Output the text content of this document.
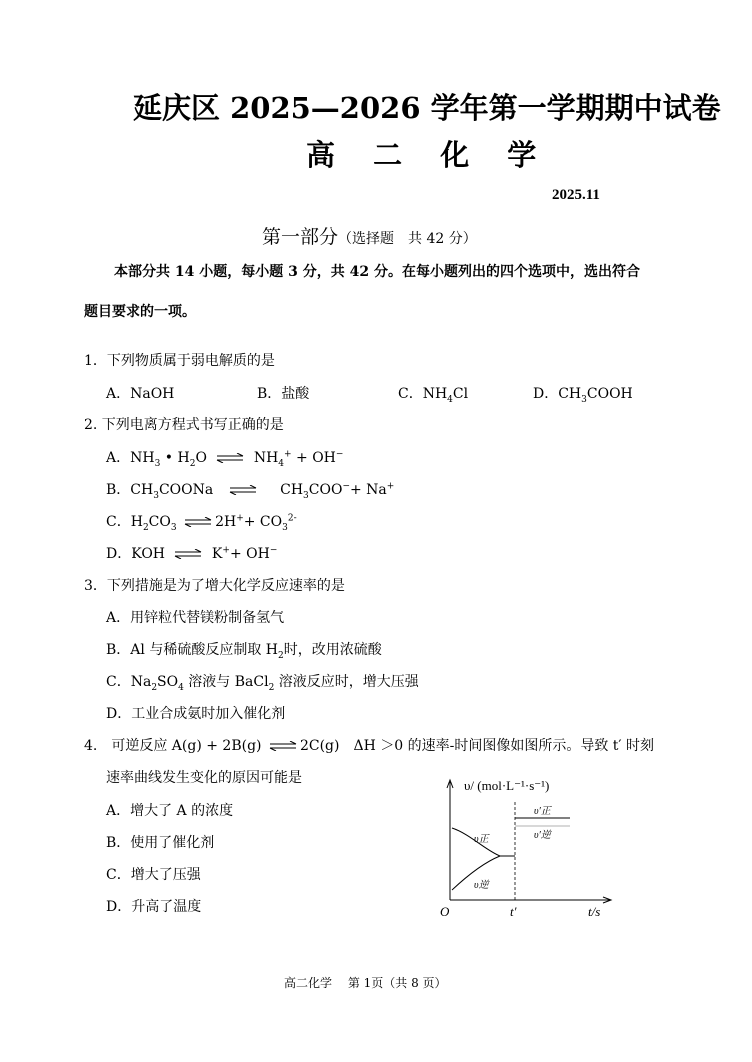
延庆区 2025—2026 学年第一学期期中试卷
高 二 化 学
2025.11
第一部分（选择题　共 42 分）
本部分共 14 小题，每小题 3 分，共 42 分。在每小题列出的四个选项中，选出符合
题目要求的一项。
1．下列物质属于弱电解质的是
A．NaOH	B．盐酸	C．$NH_4Cl$	D．$CH_3COOH$
2. 下列电离方程式书写正确的是
A．$NH_3$ • $H_2O$ ⇌ $NH_4^+ + OH^-$
B．$CH_3COONa$ ⇌ $CH_3COO^-+ Na^+$
C．$H_2CO_3$ ⇌ $2H^++ CO_3^{2-}$
D．KOH ⇌ K++ OH−
3．下列措施是为了增大化学反应速率的是
A．用锌粒代替镁粉制备氢气
B．Al 与稀硫酸反应制取 $H_2$时，改用浓硫酸
C．$Na_2SO_4$ 溶液与 BaCl$_2$ 溶液反应时，增大压强
D．工业合成氨时加入催化剂
4.　可逆反应 A(g) + 2B(g) ⇌ 2C(g)　ΔH ＞0 的速率-时间图像如图所示。导致 t′ 时刻
速率曲线发生变化的原因可能是
A．增大了 A 的浓度
B．使用了催化剂
C．增大了压强
D．升高了温度
υ/ (mol·L⁻¹·s⁻¹)
t/s
O	t′
υ正
υ逆
υ′正
υ′逆
高二化学　 第 1页（共 8 页）
